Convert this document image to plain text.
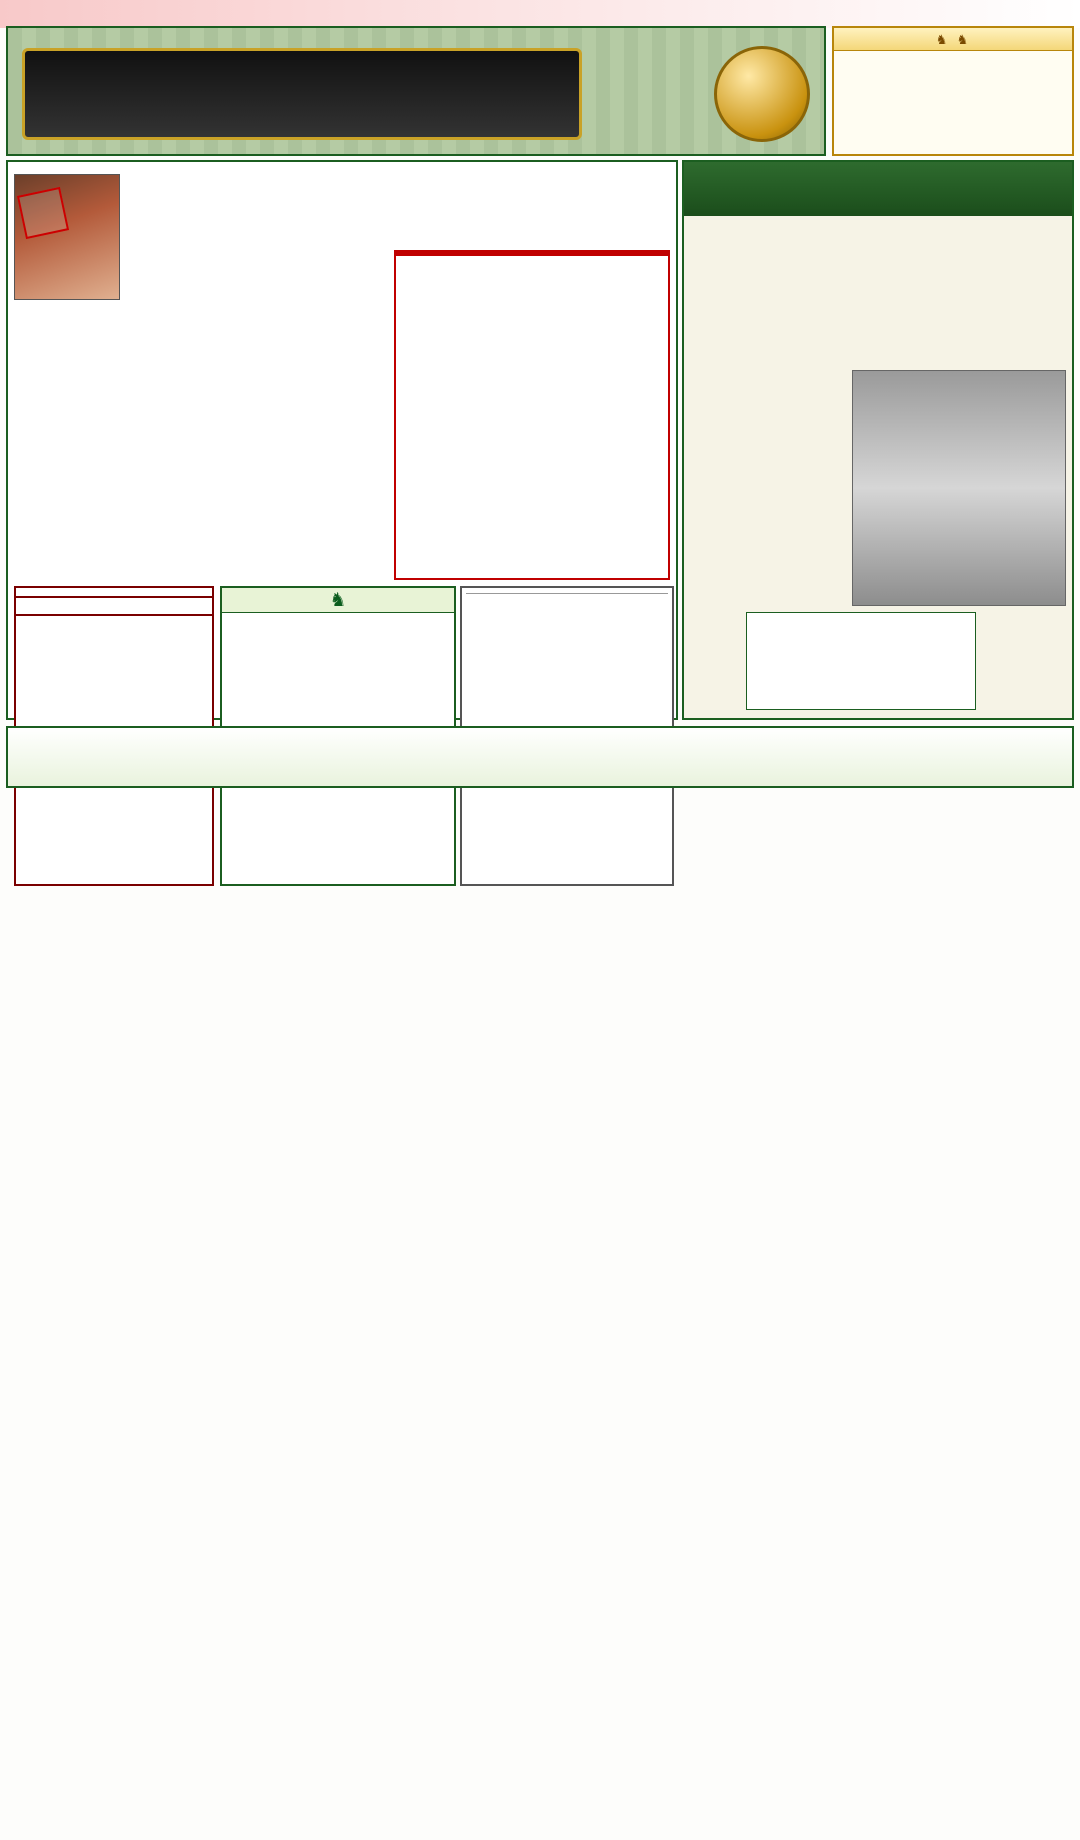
♞ ♞
♞
